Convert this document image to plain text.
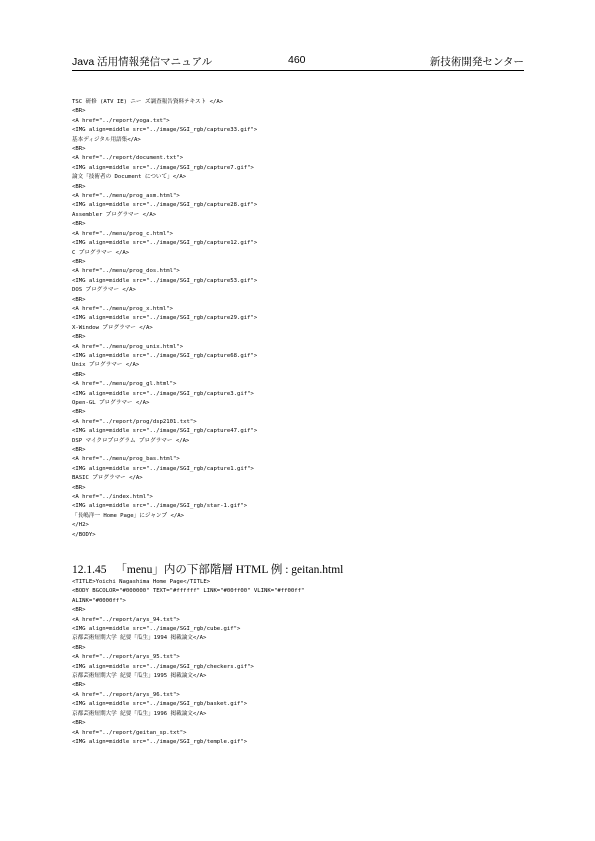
Java 活用情報発信マニュアル	460	新技術開発センター
TSC 研修 (ATV IE) ニー ズ調査報告資料テキスト </A>
<BR>
<A href="../report/yoga.txt">
<IMG align=middle src="../image/SGI_rgb/capture33.gif">
基本ディジタル用語集</A>
<BR>
<A href="../report/document.txt">
<IMG align=middle src="../image/SGI_rgb/capture7.gif">
論文「技術者の Document について」</A>
<BR>
<A href="../menu/prog_asm.html">
<IMG align=middle src="../image/SGI_rgb/capture28.gif">
Assembler プログラマー </A>
<BR>
<A href="../menu/prog_c.html">
<IMG align=middle src="../image/SGI_rgb/capture12.gif">
C プログラマー </A>
<BR>
<A href="../menu/prog_dos.html">
<IMG align=middle src="../image/SGI_rgb/capture53.gif">
DOS プログラマー </A>
<BR>
<A href="../menu/prog_x.html">
<IMG align=middle src="../image/SGI_rgb/capture29.gif">
X-Window プログラマー </A>
<BR>
<A href="../menu/prog_unix.html">
<IMG align=middle src="../image/SGI_rgb/capture68.gif">
Unix プログラマー </A>
<BR>
<A href="../menu/prog_gl.html">
<IMG align=middle src="../image/SGI_rgb/capture3.gif">
Open-GL プログラマー </A>
<BR>
<A href="../report/prog/dsp2101.txt">
<IMG align=middle src="../image/SGI_rgb/capture47.gif">
DSP マイクロプログラム プログラマー </A>
<BR>
<A href="../menu/prog_bas.html">
<IMG align=middle src="../image/SGI_rgb/capture1.gif">
BASIC プログラマー </A>
<BR>
<A href="../index.html">
<IMG align=middle src="../image/SGI_rgb/star-1.gif">
「長嶋洋一 Home Page」にジャンプ </A>
</H2>
</BODY>
12.1.45 「menu」内の下部階層 HTML 例 : geitan.html
<TITLE>Yoichi Nagashima Home Page</TITLE>
<BODY BGCOLOR="#000000" TEXT="#ffffff" LINK="#00ff00" VLINK="#ff00ff"
ALINK="#0000ff">
<BR>
<A href="../report/arys_94.txt">
<IMG align=middle src="../image/SGI_rgb/cube.gif">
京都芸術短期大学 紀要「瓜生」1994 掲載論文</A>
<BR>
<A href="../report/arys_95.txt">
<IMG align=middle src="../image/SGI_rgb/checkers.gif">
京都芸術短期大学 紀要「瓜生」1995 掲載論文</A>
<BR>
<A href="../report/arys_96.txt">
<IMG align=middle src="../image/SGI_rgb/basket.gif">
京都芸術短期大学 紀要「瓜生」1996 掲載論文</A>
<BR>
<A href="../report/geitan_sp.txt">
<IMG align=middle src="../image/SGI_rgb/temple.gif">
